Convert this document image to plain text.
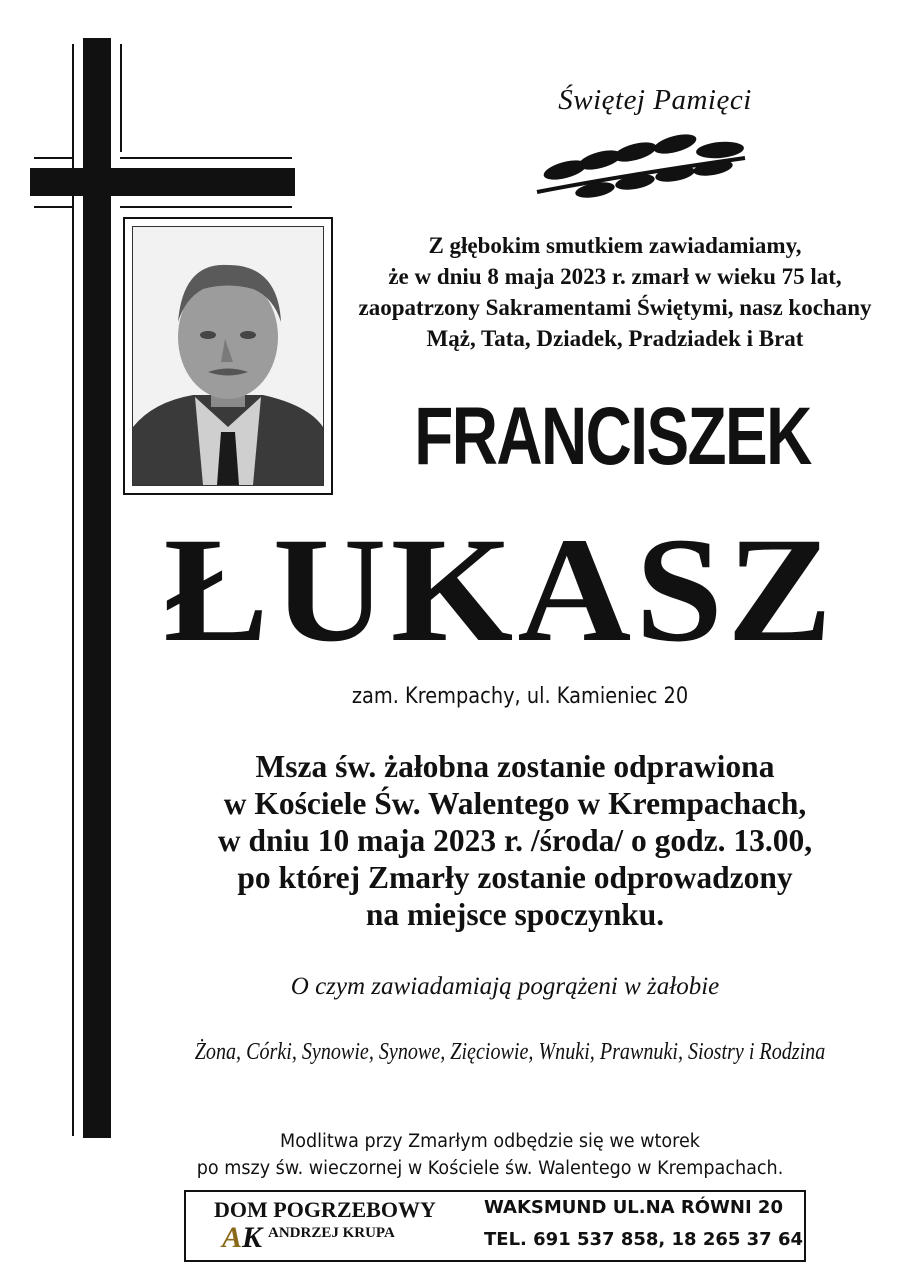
Świętej Pamięci
Z głębokim smutkiem zawiadamiamy,
że w dniu 8 maja 2023 r. zmarł w wieku 75 lat,
zaopatrzony Sakramentami Świętymi, nasz kochany
Mąż, Tata, Dziadek, Pradziadek i Brat
FRANCISZEK
ŁUKASZ
zam. Krempachy, ul. Kamieniec 20
Msza św. żałobna zostanie odprawiona
w Kościele Św. Walentego w Krempachach,
w dniu 10 maja 2023 r. /środa/ o godz. 13.00,
po której Zmarły zostanie odprowadzony
na miejsce spoczynku.
O czym zawiadamiają pogrążeni w żałobie
Żona, Córki, Synowie, Synowe, Zięciowie, Wnuki, Prawnuki, Siostry i Rodzina
Modlitwa przy Zmarłym odbędzie się we wtorek
po mszy św. wieczornej w Kościele św. Walentego w Krempachach.
DOM POGRZEBOWY
A K ANDRZEJ KRUPA
WAKSMUND UL.NA RÓWNI 20
TEL. 691 537 858, 18 265 37 64
